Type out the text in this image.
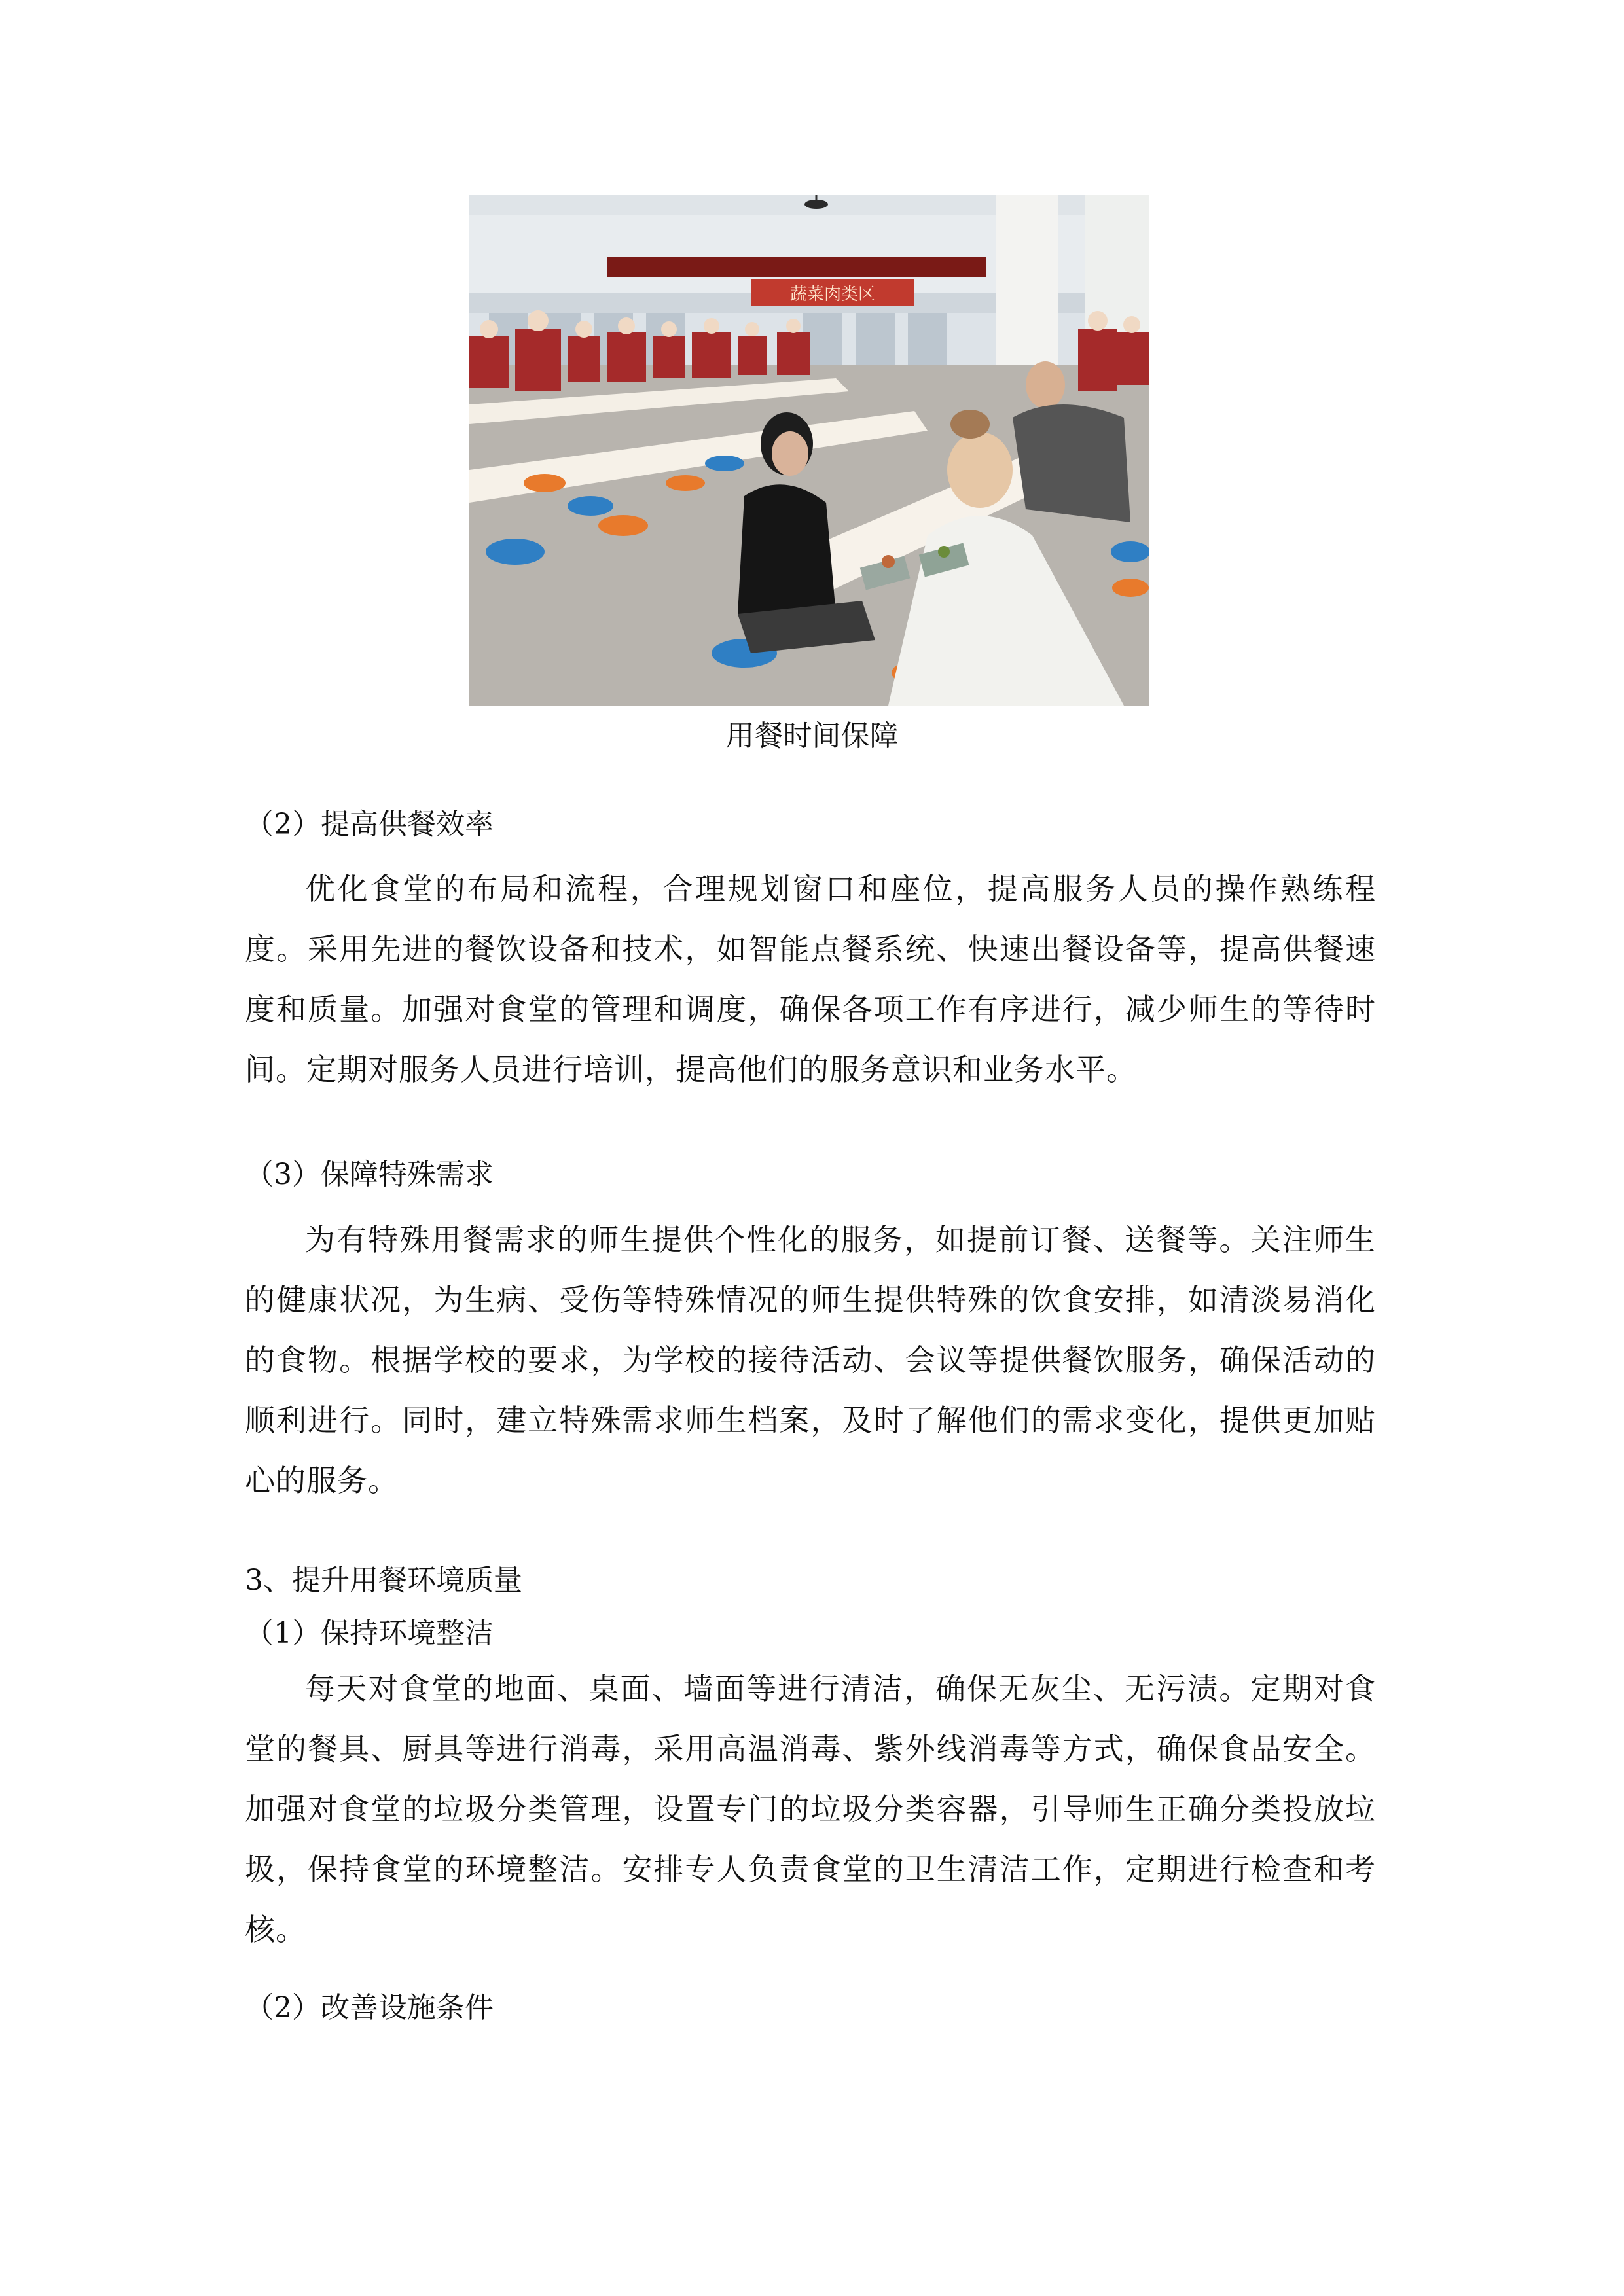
蔬菜肉类区
用餐时间保障
（2）提高供餐效率
优化食堂的布局和流程，合理规划窗口和座位，提高服务人员的操作熟练程度。采用先进的餐饮设备和技术，如智能点餐系统、快速出餐设备等，提高供餐速度和质量。加强对食堂的管理和调度，确保各项工作有序进行，减少师生的等待时间。定期对服务人员进行培训，提高他们的服务意识和业务水平。
（3）保障特殊需求
为有特殊用餐需求的师生提供个性化的服务，如提前订餐、送餐等。关注师生的健康状况，为生病、受伤等特殊情况的师生提供特殊的饮食安排，如清淡易消化的食物。根据学校的要求，为学校的接待活动、会议等提供餐饮服务，确保活动的顺利进行。同时，建立特殊需求师生档案，及时了解他们的需求变化，提供更加贴心的服务。
3、提升用餐环境质量
（1）保持环境整洁
每天对食堂的地面、桌面、墙面等进行清洁，确保无灰尘、无污渍。定期对食堂的餐具、厨具等进行消毒，采用高温消毒、紫外线消毒等方式，确保食品安全。加强对食堂的垃圾分类管理，设置专门的垃圾分类容器，引导师生正确分类投放垃圾，保持食堂的环境整洁。安排专人负责食堂的卫生清洁工作，定期进行检查和考核。
（2）改善设施条件
